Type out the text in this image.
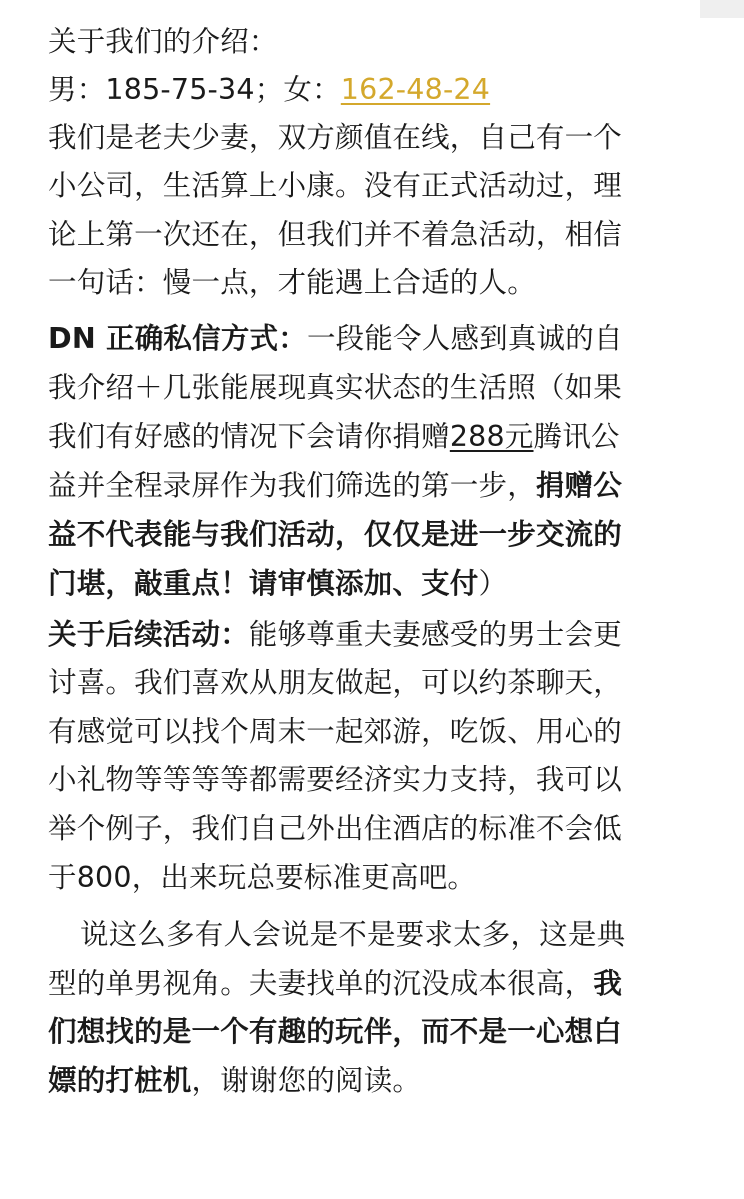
关于我们的介绍：
男：185-75-34；女：162-48-24
我们是老夫少妻，双方颜值在线，自己有一个
小公司，生活算上小康。没有正式活动过，理
论上第一次还在，但我们并不着急活动，相信
一句话：慢一点，才能遇上合适的人。
DN 正确私信方式：一段能令人感到真诚的自
我介绍＋几张能展现真实状态的生活照（如果
我们有好感的情况下会请你捐赠288元腾讯公
益并全程录屏作为我们筛选的第一步，捐赠公
益不代表能与我们活动，仅仅是进一步交流的
门堪，敲重点！请审慎添加、支付）
关于后续活动：能够尊重夫妻感受的男士会更
讨喜。我们喜欢从朋友做起，可以约茶聊天，
有感觉可以找个周末一起郊游，吃饭、用心的
小礼物等等等等都需要经济实力支持，我可以
举个例子，我们自己外出住酒店的标准不会低
于800，出来玩总要标准更高吧。
说这么多有人会说是不是要求太多，这是典
型的单男视角。夫妻找单的沉没成本很高，我
们想找的是一个有趣的玩伴，而不是一心想白
嫖的打桩机，谢谢您的阅读。
